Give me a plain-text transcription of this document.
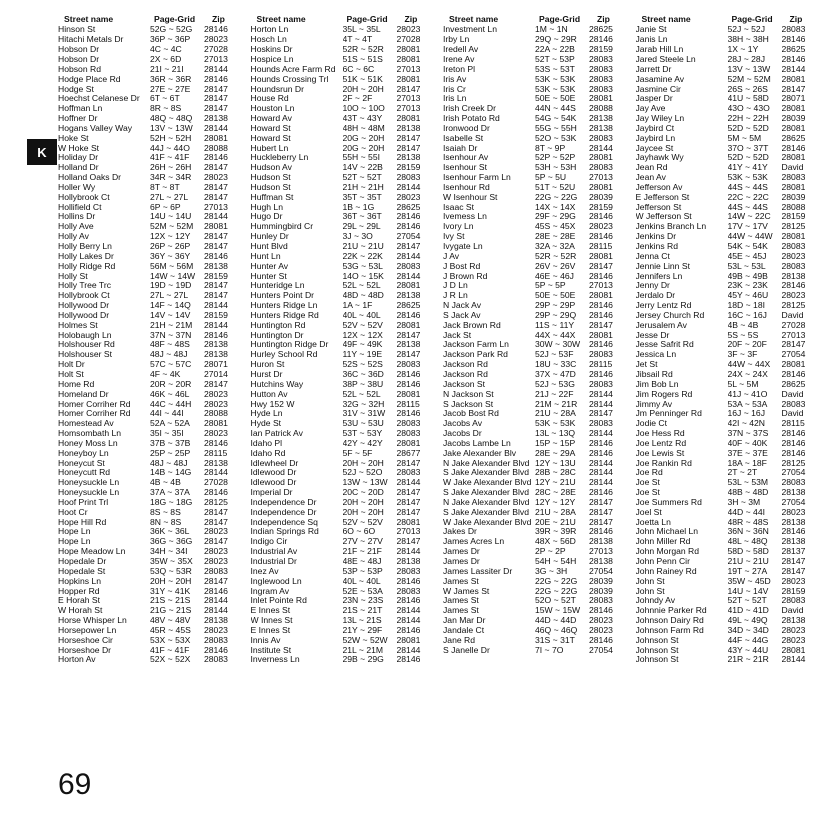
Street name	Page-Grid	Zip
Hinson St	52G ~ 52G	28146
Hitachi Metals Dr	36P ~ 36P	28023
Hobson Dr	4C ~ 4C	27028
Hobson Dr	2X ~ 6D	27013
Hobson Rd	21I ~ 21I	28144
Hodge Place Rd	36R ~ 36R	28146
Hodge St	27E ~ 27E	28147
Hoechst Celanese Dr	6T ~ 6T	28147
Hoffman Ln	8R ~ 8S	28147
Hoffner Dr	48Q ~ 48Q	28138
Hogans Valley Way	13V ~ 13W	28144
Hoke St	52H ~ 52H	28081
W Hoke St	44J ~ 44O	28088
Holiday Dr	41F ~ 41F	28146
Holland Dr	26H ~ 26H	28147
Holland Oaks Dr	34R ~ 34R	28023
Holler Wy	8T ~ 8T	28147
Hollybrook Ct	27L ~ 27L	28147
Hollifield Ct	6P ~ 6P	27013
Hollins Dr	14U ~ 14U	28144
Holly Ave	52M ~ 52M	28081
Holly Av	12X ~ 12Y	28147
Holly Berry Ln	26P ~ 26P	28147
Holly Lakes Dr	36Y ~ 36Y	28146
Holly Ridge Rd	56M ~ 56M	28138
Holly St	14W ~ 14W	28159
Holly Tree Trc	19D ~ 19D	28147
Hollybrook Ct	27L ~ 27L	28147
Hollywood Dr	14F ~ 14Q	28144
Hollywood Dr	14V ~ 14V	28159
Holmes St	21H ~ 21M	28144
Holobaugh Ln	37N ~ 37N	28146
Holshouser Rd	48F ~ 48S	28138
Holshouser St	48J ~ 48J	28138
Holt Dr	57C ~ 57C	28071
Holt St	4F ~ 4K	27014
Home Rd	20R ~ 20R	28147
Homeland Dr	46K ~ 46L	28023
Homer Corriher Rd	44C ~ 44H	28023
Homer Corriher Rd	44I ~ 44I	28088
Homestead Av	52A ~ 52A	28081
Homsombath Ln	35I ~ 35I	28023
Honey Moss Ln	37B ~ 37B	28146
Honeyboy Ln	25P ~ 25P	28115
Honeycut St	48J ~ 48J	28138
Honeycutt Rd	14B ~ 14G	28144
Honeysuckle Ln	4B ~ 4B	27028
Honeysuckle Ln	37A ~ 37A	28146
Hoof Print Trl	18G ~ 18G	28125
Hoot Cr	8S ~ 8S	28147
Hope Hill Rd	8N ~ 8S	28147
Hope Ln	36K ~ 36L	28023
Hope Ln	36G ~ 36G	28147
Hope Meadow Ln	34H ~ 34I	28023
Hopedale Dr	35W ~ 35X	28023
Hopedale St	53Q ~ 53R	28083
Hopkins Ln	20H ~ 20H	28147
Hopper Rd	31Y ~ 41K	28146
E Horah St	21S ~ 21S	28144
W Horah St	21G ~ 21S	28144
Horse Whisper Ln	48V ~ 48V	28138
Horsepower Ln	45R ~ 45S	28023
Horseshoe Cir	53X ~ 53X	28083
Horseshoe Dr	41F ~ 41F	28146
Horton Av	52X ~ 52X	28083
Street name	Page-Grid	Zip
Horton Ln	35L ~ 35L	28023
Hosch Ln	4T ~ 4T	27028
Hoskins Dr	52R ~ 52R	28081
Hospice Ln	51S ~ 51S	28081
Hounds Acre Farm Rd 6C ~ 6C	27013
Hounds Crossing Trl	51K ~ 51K	28081
Houndsrun Dr	20H ~ 20H	28147
House Rd	2F ~ 2F	27013
Houston Ln	10O ~ 10O	27013
Howard Av	43T ~ 43Y	28081
Howard St	48H ~ 48M	28138
Howard St	20G ~ 20H	28147
Hubert Ln	20G ~ 20H	28147
Huckleberry Ln	55H ~ 55I	28138
Hudson Av	14V ~ 22B	28159
Hudson St	52T ~ 52T	28083
Hudson St	21H ~ 21H	28144
Huffman St	35T ~ 35T	28023
Hugh Ln	1B ~ 1G	28625
Hugo Dr	36T ~ 36T	28146
Hummingbird Cr	29L ~ 29L	28146
Hunley Dr	3J ~ 3O	27054
Hunt Blvd	21U ~ 21U	28147
Hunt Ln	22K ~ 22K	28144
Hunter Av	53G ~ 53L	28083
Hunter St	14O ~ 15K	28144
Hunteridge Ln	52L ~ 52L	28081
Hunters Point Dr	48D ~ 48D	28138
Hunters Ridge Ln	1A ~ 1F	28625
Hunters Ridge Rd	40L ~ 40L	28146
Huntington Rd	52V ~ 52V	28081
Huntington Dr	12X ~ 12X	28147
Huntington Ridge Dr	49F ~ 49K	28138
Hurley School Rd	11Y ~ 19E	28147
Huron St	52S ~ 52S	28083
Hurst Dr	36C ~ 36D	28146
Hutchins Way	38P ~ 38U	28146
Hutton Av	52L ~ 52L	28081
Hwy 152 W	32G ~ 32H	28115
Hyde Ln	31V ~ 31W	28146
Hyde St	53U ~ 53U	28083
Ian Patrick Av	53T ~ 53Y	28083
Idaho Pl	42Y ~ 42Y	28081
Idaho Rd	5F ~ 5F	28677
Idlewheel Dr	20H ~ 20H	28147
Idlewood Dr	52J ~ 52O	28083
Idlewood Dr	13W ~ 13W	28144
Imperial Dr	20C ~ 20D	28147
Independence Dr	20H ~ 20H	28147
Independence Dr	20H ~ 20H	28147
Independence Sq	52V ~ 52V	28081
Indian Springs Rd	6O ~ 6O	27013
Indigo Cir	27V ~ 27V	28147
Industrial Av	21F ~ 21F	28144
Industrial Dr	48E ~ 48J	28138
Inez Av	53P ~ 53P	28083
Inglewood Ln	40L ~ 40L	28146
Ingram Av	52E ~ 53A	28083
Inlet Pointe Rd	23N ~ 23S	28146
E Innes St	21S ~ 21T	28144
W Innes St	13L ~ 21S	28144
E Innes St	21Y ~ 29F	28146
Innis Av	52W ~ 52W	28081
Institute St	21L ~ 21M	28144
Inverness Ln	29B ~ 29G	28146
Street name	Page-Grid	Zip
Investment Ln	1M ~ 1N	28625
Irby Ln	29Q ~ 29R	28146
Iredell Av	22A ~ 22B	28159
Irene Av	52T ~ 53P	28083
Ireton Pl	53S ~ 53T	28083
Iris Av	53K ~ 53K	28083
Iris Cr	53K ~ 53K	28083
Iris Ln	50E ~ 50E	28081
Irish Creek Dr	44N ~ 44S	28088
Irish Potato Rd	54G ~ 54K	28138
Ironwood Dr	55G ~ 55H	28138
Isabelle St	52O ~ 53K	28083
Isaiah Dr	8T ~ 9P	28144
Isenhour Av	52P ~ 52P	28081
Isenhour St	53H ~ 53H	28083
Isenhour Farm Ln	5P ~ 5U	27013
Isenhour Rd	51T ~ 52U	28081
W Isenhour St	22G ~ 22G	28039
Isaac St	14X ~ 14X	28159
Ivemess Ln	29F ~ 29G	28146
Ivory Ln	45S ~ 45X	28023
Ivy St	28E ~ 28E	28146
Ivygate Ln	32A ~ 32A	28115
J Av	52R ~ 52R	28081
J Bost Rd	26V ~ 26V	28147
J Brown Rd	46E ~ 46J	28146
J D Ln	5P ~ 5P	27013
J R Ln	50E ~ 50E	28081
N Jack Av	29P ~ 29P	28146
S Jack Av	29P ~ 29Q	28146
Jack Brown Rd	11S ~ 11Y	28147
Jack St	44X ~ 44X	28081
Jackson Farm Ln	30W ~ 30W	28146
Jackson Park Rd	52J ~ 53F	28083
Jackson Rd	18U ~ 33C	28115
Jackson Rd	37X ~ 47D	28146
Jackson St	52J ~ 53G	28083
N Jackson St	21J ~ 22F	28144
S Jackson St	21M ~ 21R	28144
Jacob Bost Rd	21U ~ 28A	28147
Jacobs Av	53K ~ 53K	28083
Jacobs Dr	13L ~ 13Q	28144
Jacobs Lambe Ln	15P ~ 15P	28146
Jake Alexander Blv	28E ~ 29A	28146
N Jake Alexander Blvd 12Y ~ 13U	28144
S Jake Alexander Blvd 28B ~ 28C	28144
W Jake Alexander Blvd 12Y ~ 21U	28144
S Jake Alexander Blvd 28C ~ 28E	28146
N Jake Alexander Blvd 12Y ~ 12Y	28147
S Jake Alexander Blvd 21U ~ 28A	28147
W Jake Alexander Blvd 20E ~ 21U	28147
Jakes Dr	39R ~ 39R	28146
James Acres Ln	48X ~ 56D	28138
James Dr	2P ~ 2P	27013
James Dr	54H ~ 54H	28138
James Lassiter Dr	3G ~ 3H	27054
James St	22G ~ 22G	28039
W James St	22G ~ 22G	28039
James St	52O ~ 52T	28083
James St	15W ~ 15W	28146
Jan Mar Dr	44D ~ 44D	28023
Jandale Ct	46Q ~ 46Q	28023
Jane Rd	31S ~ 31T	28146
S Janelle Dr	7I ~ 7O	27054
Street name	Page-Grid	Zip
Janie St	52J ~ 52J	28083
Janis Ln	38H ~ 38H	28146
Jarab Hill Ln	1X ~ 1Y	28625
Jared Steele Ln	28J ~ 28J	28146
Jarrett Dr	13V ~ 13W	28144
Jasamine Av	52M ~ 52M	28081
Jasmine Cir	26S ~ 26S	28147
Jasper Dr	41U ~ 58D	28071
Jay Ave	43O ~ 43O	28081
Jay Wiley Ln	22H ~ 22H	28039
Jaybird Ct	52D ~ 52D	28081
Jaybird Ln	5M ~ 5M	28625
Jaycee St	37O ~ 37T	28146
Jayhawk Wy	52D ~ 52D	28081
Jean Rd	41Y ~ 41Y	David
Jean Av	53K ~ 53K	28083
Jefferson Av	44S ~ 44S	28081
E Jefferson St	22C ~ 22C	28039
Jefferson St	44S ~ 44S	28088
W Jefferson St	14W ~ 22C	28159
Jenkins Branch Ln	17V ~ 17V	28125
Jenkins Dr	44W ~ 44W	28081
Jenkins Rd	54K ~ 54K	28083
Jenna Ct	45E ~ 45J	28023
Jennie Linn St	53L ~ 53L	28083
Jennifers Ln	49B ~ 49B	28138
Jenny Dr	23K ~ 23K	28146
Jerdalo Dr	45Y ~ 46U	28023
Jerry Lentz Rd	18D ~ 18I	28125
Jersey Church Rd	16C ~ 16J	David
Jerusalem Av	4B ~ 4B	27028
Jesse Dr	5S ~ 5S	27013
Jesse Safrit Rd	20F ~ 20F	28147
Jessica Ln	3F ~ 3F	27054
Jet St	44W ~ 44X	28081
Jibsail Rd	24X ~ 24X	28146
Jim Bob Ln	5L ~ 5M	28625
Jim Rogers Rd	41J ~ 41O	David
Jimmy Av	53A ~ 53A	28083
Jm Penninger Rd	16J ~ 16J	David
Jodie Ct	42I ~ 42N	28115
Joe Hess Rd	37N ~ 37S	28146
Joe Lentz Rd	40F ~ 40K	28146
Joe Lewis St	37E ~ 37E	28146
Joe Rankin Rd	18A ~ 18F	28125
Joe Rd	2T ~ 2T	27054
Joe St	53L ~ 53M	28083
Joe St	48B ~ 48D	28138
Joe Summers Rd	3H ~ 3M	27054
Joel St	44D ~ 44I	28023
Joetta Ln	48R ~ 48S	28138
John Michael Ln	36N ~ 36N	28146
John Miller Rd	48L ~ 48Q	28138
John Morgan Rd	58D ~ 58D	28137
John Penn Cir	21U ~ 21U	28147
John Rainey Rd	19T ~ 27A	28147
John St	35W ~ 45D	28023
John St	14U ~ 14V	28159
Johndy Av	52T ~ 52T	28083
Johnnie Parker Rd	41D ~ 41D	David
Johnson Dairy Rd	49L ~ 49Q	28138
Johnson Farm Rd	34D ~ 34D	28023
Johnson St	44F ~ 44G	28023
Johnson St	43Y ~ 44U	28081
Johnson St	21R ~ 21R	28144
K
69
